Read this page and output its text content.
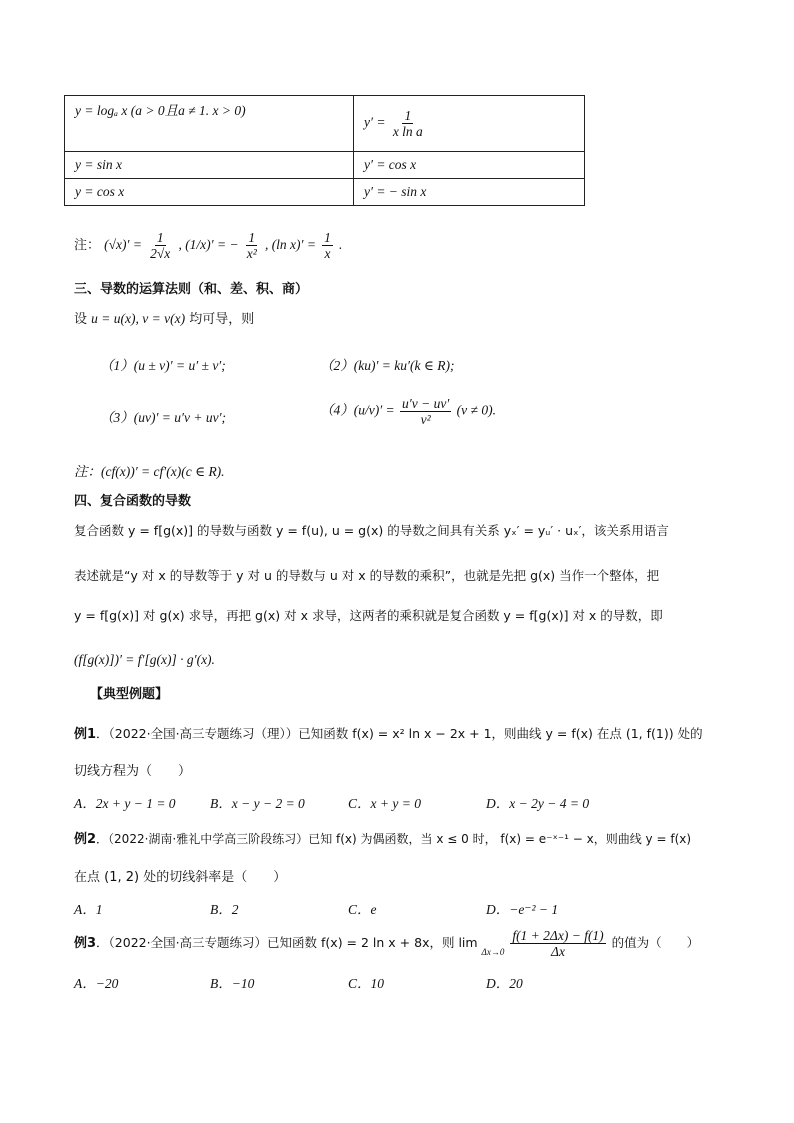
y = logₐ x (a > 0且a ≠ 1. x > 0)	$y' = \frac{1}{\text{x ln a}}$

y = sin x	y′ = cos x
y = cos x	y′ = − sin x
注： $(√x)' = \frac{1}{2√x}$ , (1/x)′ = − $\frac{1}{\text{x²}}$ , (ln $x)' = \frac{1}{x}$ .
三、导数的运算法则（和、差、积、商）
设 u = u(x), v = v(x) 均可导，则
（1）(u ± v)′ = u′ ± v′;	（2）(ku)′ = ku′(k ∈ R);
（3）(uv)′ = u′v + uv′;	$(4)(u/v)' = \frac{u'v - uv'}{\text{v²}} (v \ne 0)$.
注：(cf(x))′ = cf′(x)(c ∈ R).
四、复合函数的导数
复合函数 y = f[g(x)] 的导数与函数 y = f(u), u = g(x) 的导数之间具有关系 yₓ′ = yᵤ′ · uₓ′，该关系用语言
表述就是“y 对 x 的导数等于 y 对 u 的导数与 u 对 x 的导数的乘积”，也就是先把 g(x) 当作一个整体，把
y = f[g(x)] 对 g(x) 求导，再把 g(x) 对 x 求导，这两者的乘积就是复合函数 y = f[g(x)] 对 x 的导数，即
(f[g(x)])′ = f′[g(x)] · g′(x).
【典型例题】
例1．（2022·全国·高三专题练习（理））已知函数 f(x) = x² ln x − 2x + 1，则曲线 y = f(x) 在点 (1, f(1)) 处的
切线方程为（　　）
A．2x + y − 1 = 0	B．x − y − 2 = 0	C．x + y = 0	D．x − 2y − 4 = 0
例2．（2022·湖南·雅礼中学高三阶段练习）已知 f(x) 为偶函数，当 x ≤ 0 时， f(x) = e⁻ˣ⁻¹ − x，则曲线 y = f(x)
在点 (1, 2) 处的切线斜率是（　　）
A．1	B．2	C．e	D．−e⁻² − 1
例3．（2022·全国·高三专题练习）已知函数 f(x) = 2 ln x + 8x，则 $\lim _{\Delta x\to 0} \frac{f(1 + 2\Delta x) - f(1)}{\Delta x}$ 的值为（　　）
A．−20	B．−10	C．10	D．20
